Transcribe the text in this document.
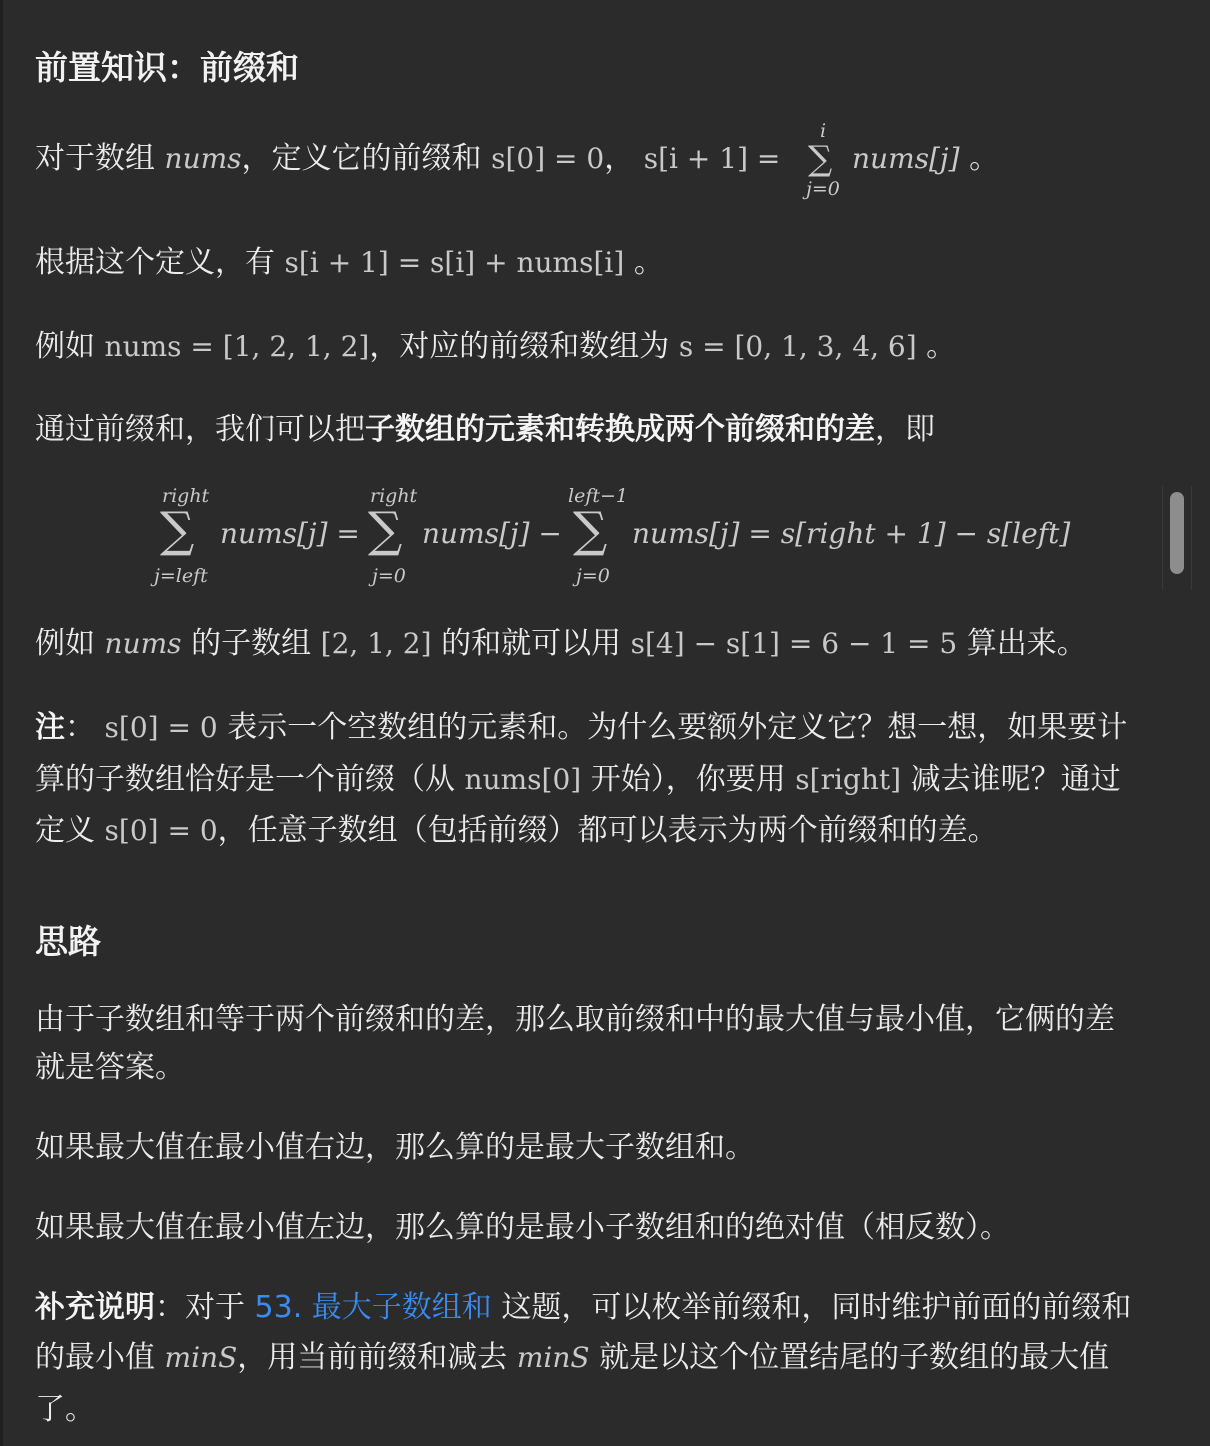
前置知识：前缀和
对于数组 nums，定义它的前缀和 s[0] = 0， s[i + 1] =
i
∑
j=0
nums[j] 。
根据这个定义，有 s[i + 1] = s[i] + nums[i] 。
例如 nums = [1, 2, 1, 2]，对应的前缀和数组为 s = [0, 1, 3, 4, 6] 。
通过前缀和，我们可以把子数组的元素和转换成两个前缀和的差，即
right
∑
j=left
nums[j] =
right
∑
j=0
nums[j] −
left−1
∑
j=0
nums[j] = s[right + 1] − s[left]
例如 nums 的子数组 [2, 1, 2] 的和就可以用 s[4] − s[1] = 6 − 1 = 5 算出来。
注： s[0] = 0 表示一个空数组的元素和。为什么要额外定义它？想一想，如果要计
算的子数组恰好是一个前缀（从 nums[0] 开始），你要用 s[right] 减去谁呢？通过
定义 s[0] = 0，任意子数组（包括前缀）都可以表示为两个前缀和的差。
思路
由于子数组和等于两个前缀和的差，那么取前缀和中的最大值与最小值，它俩的差
就是答案。
如果最大值在最小值右边，那么算的是最大子数组和。
如果最大值在最小值左边，那么算的是最小子数组和的绝对值（相反数）。
补充说明：对于 53. 最大子数组和 这题，可以枚举前缀和，同时维护前面的前缀和
的最小值 minS，用当前前缀和减去 minS 就是以这个位置结尾的子数组的最大值
了。
